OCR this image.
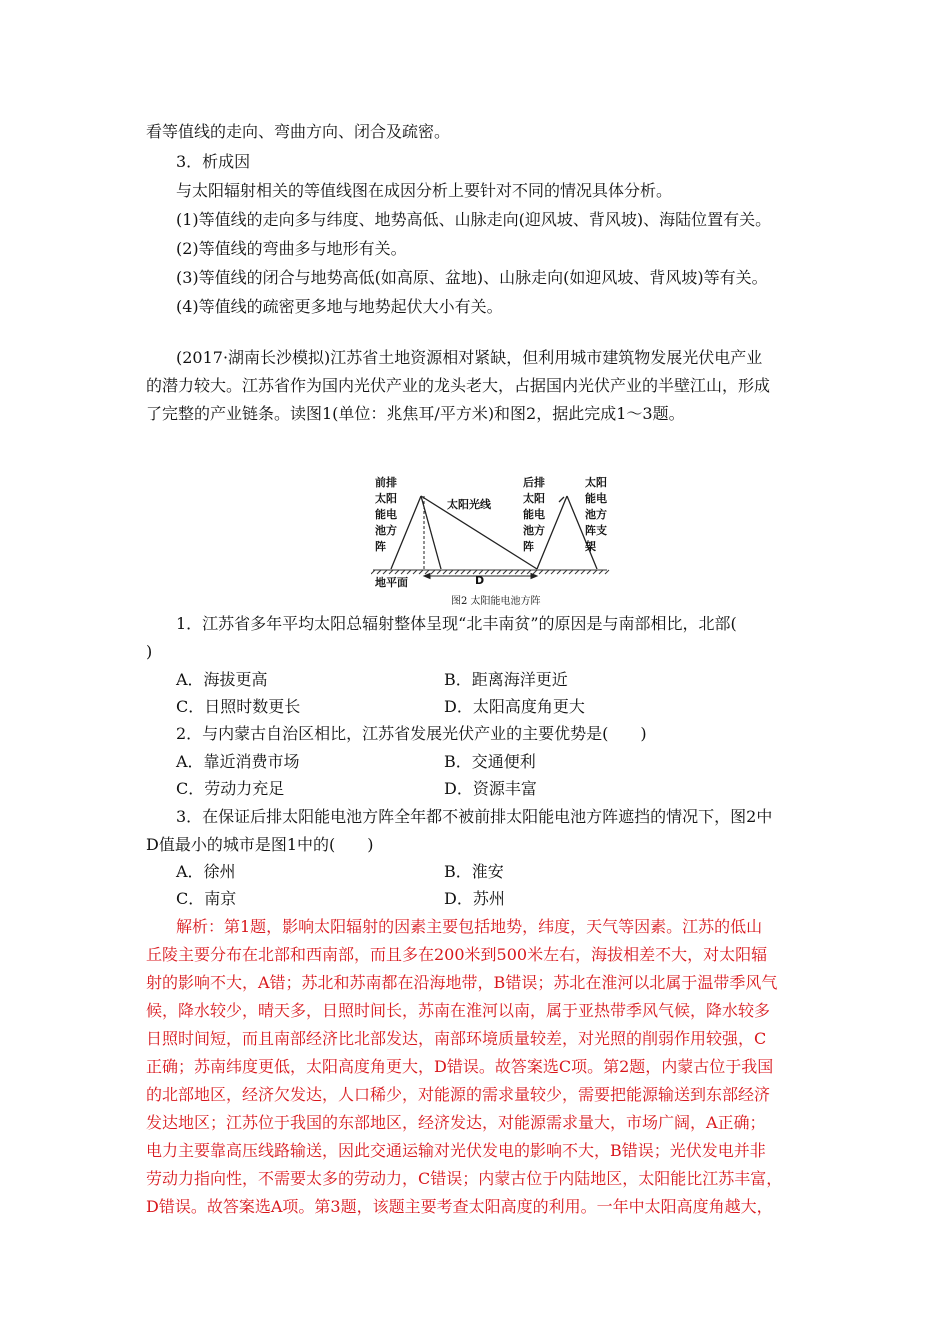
看等值线的走向、弯曲方向、闭合及疏密。
3．析成因
与太阳辐射相关的等值线图在成因分析上要针对不同的情况具体分析。
(1)等值线的走向多与纬度、地势高低、山脉走向(迎风坡、背风坡)、海陆位置有关。
(2)等值线的弯曲多与地形有关。
(3)等值线的闭合与地势高低(如高原、盆地)、山脉走向(如迎风坡、背风坡)等有关。
(4)等值线的疏密更多地与地势起伏大小有关。
(2017·湖南长沙模拟)江苏省土地资源相对紧缺，但利用城市建筑物发展光伏电产业
的潜力较大。江苏省作为国内光伏产业的龙头老大，占据国内光伏产业的半壁江山，形成
了完整的产业链条。读图1(单位：兆焦耳/平方米)和图2，据此完成1～3题。
前排
太阳
能电
池方
阵
太阳光线
后排
太阳
能电
池方
阵
太阳
能电
池方
阵支
架
地平面	D
图2 太阳能电池方阵
1．江苏省多年平均太阳总辐射整体呈现“北丰南贫”的原因是与南部相比，北部(
)
A．海拔更高	B．距离海洋更近
C．日照时数更长	D．太阳高度角更大
2．与内蒙古自治区相比，江苏省发展光伏产业的主要优势是(　　)
A．靠近消费市场	B．交通便利
C．劳动力充足	D．资源丰富
3．在保证后排太阳能电池方阵全年都不被前排太阳能电池方阵遮挡的情况下，图2中
D值最小的城市是图1中的(　　)
A．徐州	B．淮安
C．南京	D．苏州
解析：第1题，影响太阳辐射的因素主要包括地势，纬度，天气等因素。江苏的低山
丘陵主要分布在北部和西南部，而且多在200米到500米左右，海拔相差不大，对太阳辐
射的影响不大，A错；苏北和苏南都在沿海地带，B错误；苏北在淮河以北属于温带季风气
候，降水较少，晴天多，日照时间长，苏南在淮河以南，属于亚热带季风气候，降水较多
日照时间短，而且南部经济比北部发达，南部环境质量较差，对光照的削弱作用较强，C
正确；苏南纬度更低，太阳高度角更大，D错误。故答案选C项。第2题，内蒙古位于我国
的北部地区，经济欠发达，人口稀少，对能源的需求量较少，需要把能源输送到东部经济
发达地区；江苏位于我国的东部地区，经济发达，对能源需求量大，市场广阔，A正确；
电力主要靠高压线路输送，因此交通运输对光伏发电的影响不大，B错误；光伏发电并非
劳动力指向性，不需要太多的劳动力，C错误；内蒙古位于内陆地区，太阳能比江苏丰富，
D错误。故答案选A项。第3题，该题主要考查太阳高度的利用。一年中太阳高度角越大，
